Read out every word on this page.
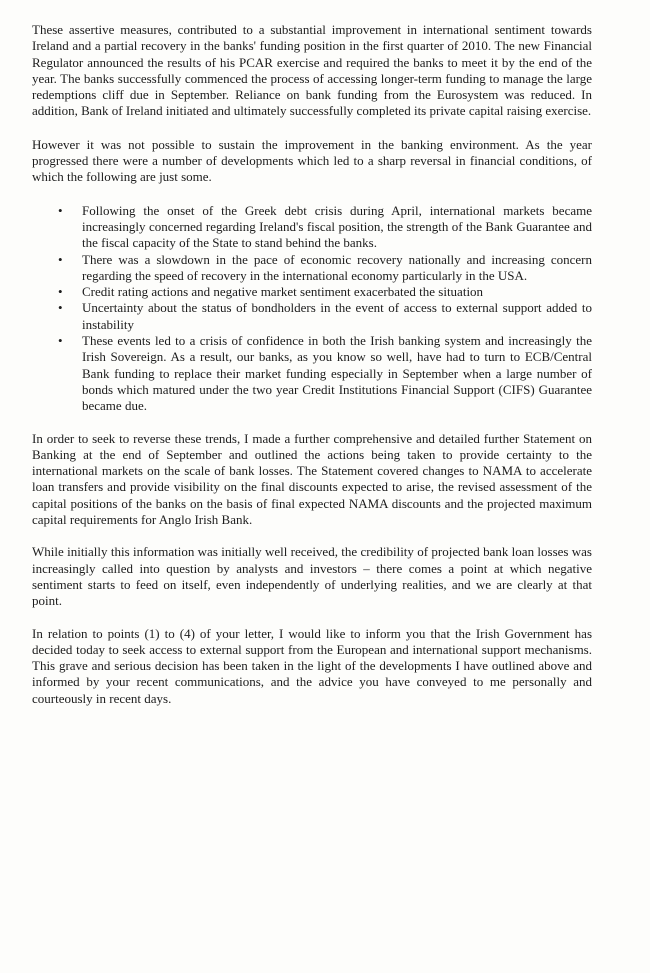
These assertive measures, contributed to a substantial improvement in international sentiment towards Ireland and a partial recovery in the banks' funding position in the first quarter of 2010. The new Financial Regulator announced the results of his PCAR exercise and required the banks to meet it by the end of the year. The banks successfully commenced the process of accessing longer-term funding to manage the large redemptions cliff due in September. Reliance on bank funding from the Eurosystem was reduced. In addition, Bank of Ireland initiated and ultimately successfully completed its private capital raising exercise.

However it was not possible to sustain the improvement in the banking environment. As the year progressed there were a number of developments which led to a sharp reversal in financial conditions, of which the following are just some.

• Following the onset of the Greek debt crisis during April, international markets became increasingly concerned regarding Ireland's fiscal position, the strength of the Bank Guarantee and the fiscal capacity of the State to stand behind the banks.
• There was a slowdown in the pace of economic recovery nationally and increasing concern regarding the speed of recovery in the international economy particularly in the USA.
• Credit rating actions and negative market sentiment exacerbated the situation
• Uncertainty about the status of bondholders in the event of access to external support added to instability
• These events led to a crisis of confidence in both the Irish banking system and increasingly the Irish Sovereign. As a result, our banks, as you know so well, have had to turn to ECB/Central Bank funding to replace their market funding especially in September when a large number of bonds which matured under the two year Credit Institutions Financial Support (CIFS) Guarantee became due.

In order to seek to reverse these trends, I made a further comprehensive and detailed further Statement on Banking at the end of September and outlined the actions being taken to provide certainty to the international markets on the scale of bank losses. The Statement covered changes to NAMA to accelerate loan transfers and provide visibility on the final discounts expected to arise, the revised assessment of the capital positions of the banks on the basis of final expected NAMA discounts and the projected maximum capital requirements for Anglo Irish Bank.

While initially this information was initially well received, the credibility of projected bank loan losses was increasingly called into question by analysts and investors – there comes a point at which negative sentiment starts to feed on itself, even independently of underlying realities, and we are clearly at that point.

In relation to points (1) to (4) of your letter, I would like to inform you that the Irish Government has decided today to seek access to external support from the European and international support mechanisms. This grave and serious decision has been taken in the light of the developments I have outlined above and informed by your recent communications, and the advice you have conveyed to me personally and courteously in recent days.
